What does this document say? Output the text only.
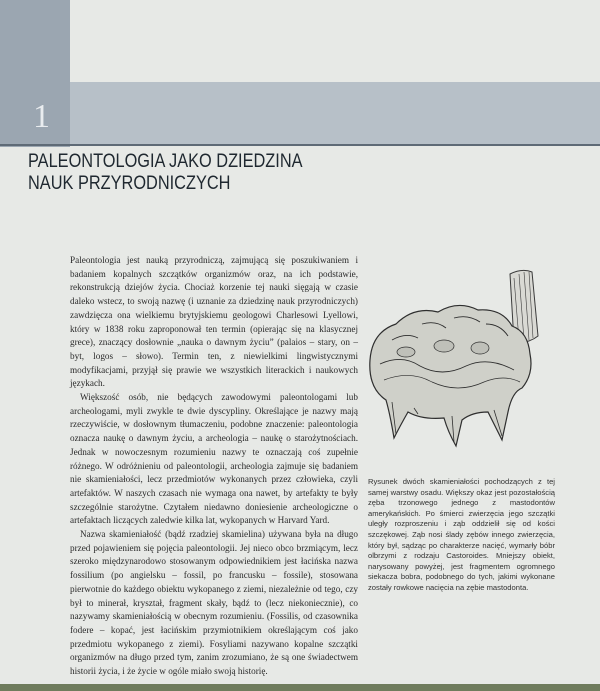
1
PALEONTOLOGIA JAKO DZIEDZINA
NAUK PRZYRODNICZYCH

Paleontologia jest nauką przyrodniczą, zajmującą się poszukiwaniem i badaniem kopalnych szczątków organizmów oraz, na ich podstawie, rekonstrukcją dziejów życia. Chociaż korzenie tej nauki sięgają w czasie daleko wstecz, to swoją nazwę (i uznanie za dziedzinę nauk przyrodniczych) zawdzięcza ona wielkiemu brytyjskiemu geologowi Charlesowi Lyellowi, który w 1838 roku zaproponował ten termin (opierając się na klasycznej grece), znaczący dosłownie „nauka o dawnym życiu” (palaios – stary, on – byt, logos – słowo). Termin ten, z niewielkimi lingwistycznymi modyfikacjami, przyjął się prawie we wszystkich literackich i naukowych językach.

Większość osób, nie będących zawodowymi paleontologami lub archeologami, myli zwykle te dwie dyscypliny. Określające je nazwy mają rzeczywiście, w dosłownym tłumaczeniu, podobne znaczenie: paleontologia oznacza naukę o dawnym życiu, a archeologia – naukę o starożytnościach. Jednak w nowoczesnym rozumieniu nazwy te oznaczają coś zupełnie różnego. W odróżnieniu od paleontologii, archeologia zajmuje się badaniem nie skamieniałości, lecz przedmiotów wykonanych przez człowieka, czyli artefaktów. W naszych czasach nie wymaga ona nawet, by artefakty te były szczególnie starożytne. Czytałem niedawno doniesienie archeologiczne o artefaktach liczących zaledwie kilka lat, wykopanych w Harvard Yard.

Nazwa skamieniałość (bądź rzadziej skamielina) używana była na długo przed pojawieniem się pojęcia paleontologii. Jej nieco obco brzmiącym, lecz szeroko międzynarodowo stosowanym odpowiednikiem jest łacińska nazwa fossilium (po angielsku – fossil, po francusku – fossile), stosowana pierwotnie do każdego obiektu wykopanego z ziemi, niezależnie od tego, czy był to minerał, kryształ, fragment skały, bądź to (lecz niekoniecznie), co nazywamy skamieniałością w obecnym rozumieniu. (Fossilis, od czasownika fodere – kopać, jest łacińskim przymiotnikiem określającym coś jako przedmiotu wykopanego z ziemi). Fosyliami nazywano kopalne szczątki organizmów na długo przed tym, zanim zrozumiano, że są one świadectwem historii życia, i że życie w ogóle miało swoją historię.

Rysunek dwóch skamieniałości pochodzących z tej samej warstwy osadu. Większy okaz jest pozostałością zęba trzonowego jednego z mastodontów amerykańskich. Po śmierci zwierzęcia jego szczątki uległy rozproszeniu i ząb oddzielił się od kości szczękowej. Ząb nosi ślady zębów innego zwierzęcia, który był, sądząc po charakterze nacięć, wymarły bóbr olbrzymi z rodzaju Castoroides. Mniejszy obiekt, narysowany powyżej, jest fragmentem ogromnego siekacza bobra, podobnego do tych, jakimi wykonane zostały rowkowe nacięcia na zębie mastodonta.
